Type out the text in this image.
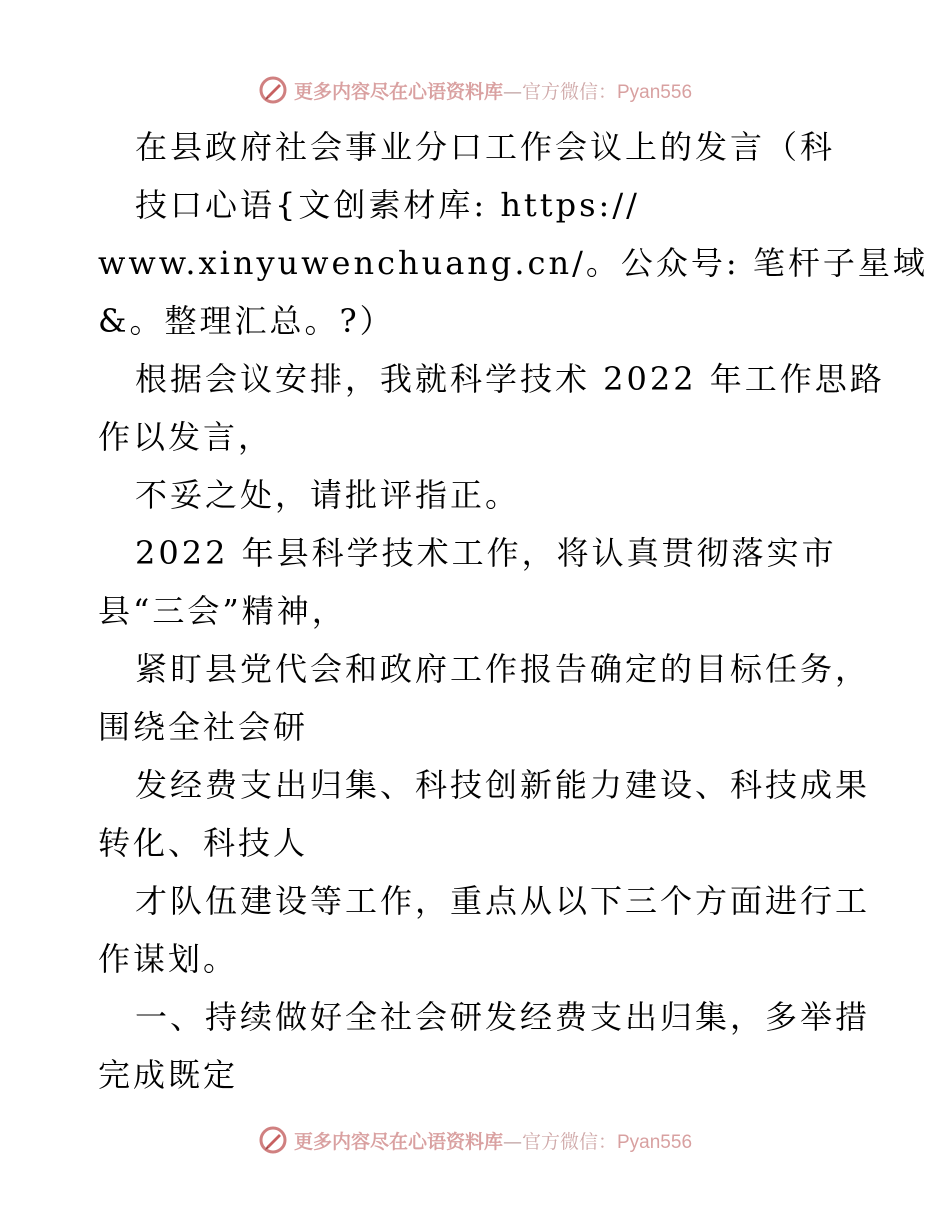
更多内容尽在心语资料库—官方微信：Pyan556
在县政府社会事业分口工作会议上的发言（科
技口心语{文创素材库: https://
www.xinyuwenchuang.cn/。公众号: 笔杆子星域
&。整理汇总。?）
根据会议安排，我就科学技术 2022 年工作思路
作以发言，
不妥之处，请批评指正。
2022 年县科学技术工作，将认真贯彻落实市
县“三会”精神，
紧盯县党代会和政府工作报告确定的目标任务，
围绕全社会研
发经费支出归集、科技创新能力建设、科技成果
转化、科技人
才队伍建设等工作，重点从以下三个方面进行工
作谋划。
一、持续做好全社会研发经费支出归集，多举措
完成既定
更多内容尽在心语资料库—官方微信：Pyan556
